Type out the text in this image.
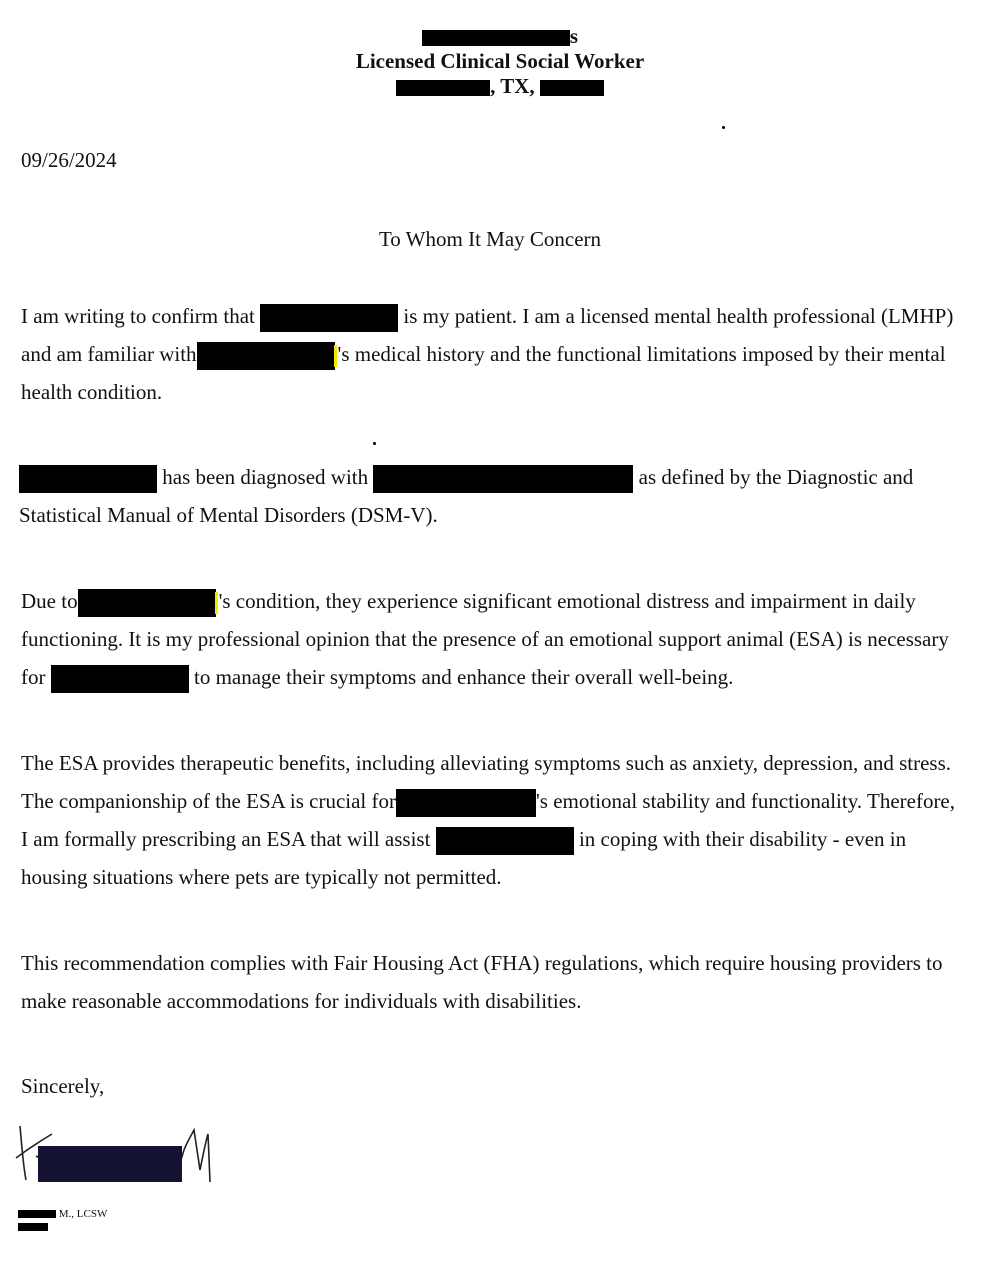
s
Licensed Clinical Social Worker
, TX,
09/26/2024
To Whom It May Concern
I am writing to confirm that	is my patient. I am a licensed mental health professional (LMHP) and am familiar with	's medical history and the functional limitations imposed by their mental health condition.
has been diagnosed with	as defined by the Diagnostic and Statistical Manual of Mental Disorders (DSM-V).
Due to	's condition, they experience significant emotional distress and impairment in daily functioning. It is my professional opinion that the presence of an emotional support animal (ESA) is necessary for	to manage their symptoms and enhance their overall well-being.
The ESA provides therapeutic benefits, including alleviating symptoms such as anxiety, depression, and stress. The companionship of the ESA is crucial for	's emotional stability and functionality. Therefore, I am formally prescribing an ESA that will assist	in coping with their disability - even in housing situations where pets are typically not permitted.
This recommendation complies with Fair Housing Act (FHA) regulations, which require housing providers to make reasonable accommodations for individuals with disabilities.
Sincerely,
M., LCSW
